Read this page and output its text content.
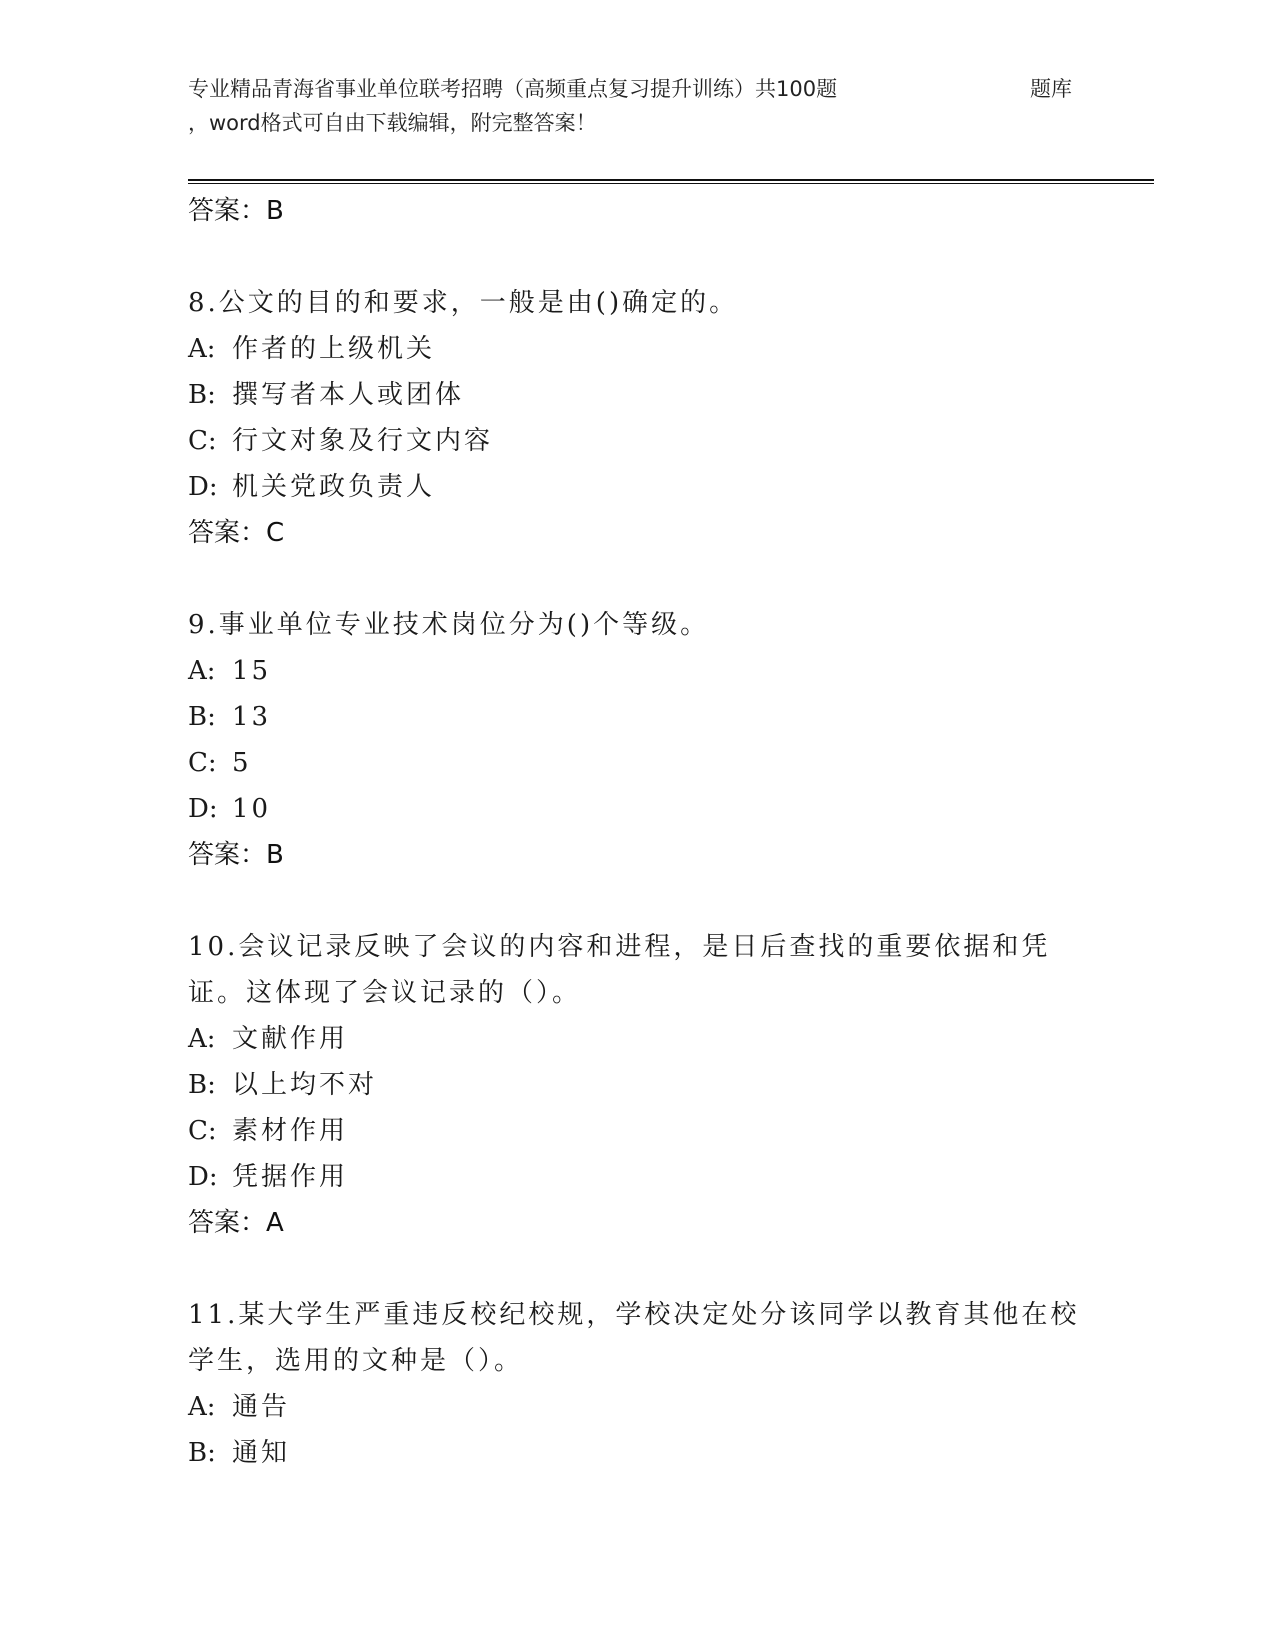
专业精品青海省事业单位联考招聘（高频重点复习提升训练）共100题	题库
，word格式可自由下载编辑，附完整答案！
答案：B
8.公文的目的和要求，一般是由()确定的。
A: 作者的上级机关
B: 撰写者本人或团体
C: 行文对象及行文内容
D: 机关党政负责人
答案：C
9.事业单位专业技术岗位分为()个等级。
A: 15
B: 13
C: 5
D: 10
答案：B
10.会议记录反映了会议的内容和进程，是日后查找的重要依据和凭证。这体现了会议记录的（）。
A: 文献作用
B: 以上均不对
C: 素材作用
D: 凭据作用
答案：A
11.某大学生严重违反校纪校规，学校决定处分该同学以教育其他在校学生，选用的文种是（）。
A: 通告
B: 通知
